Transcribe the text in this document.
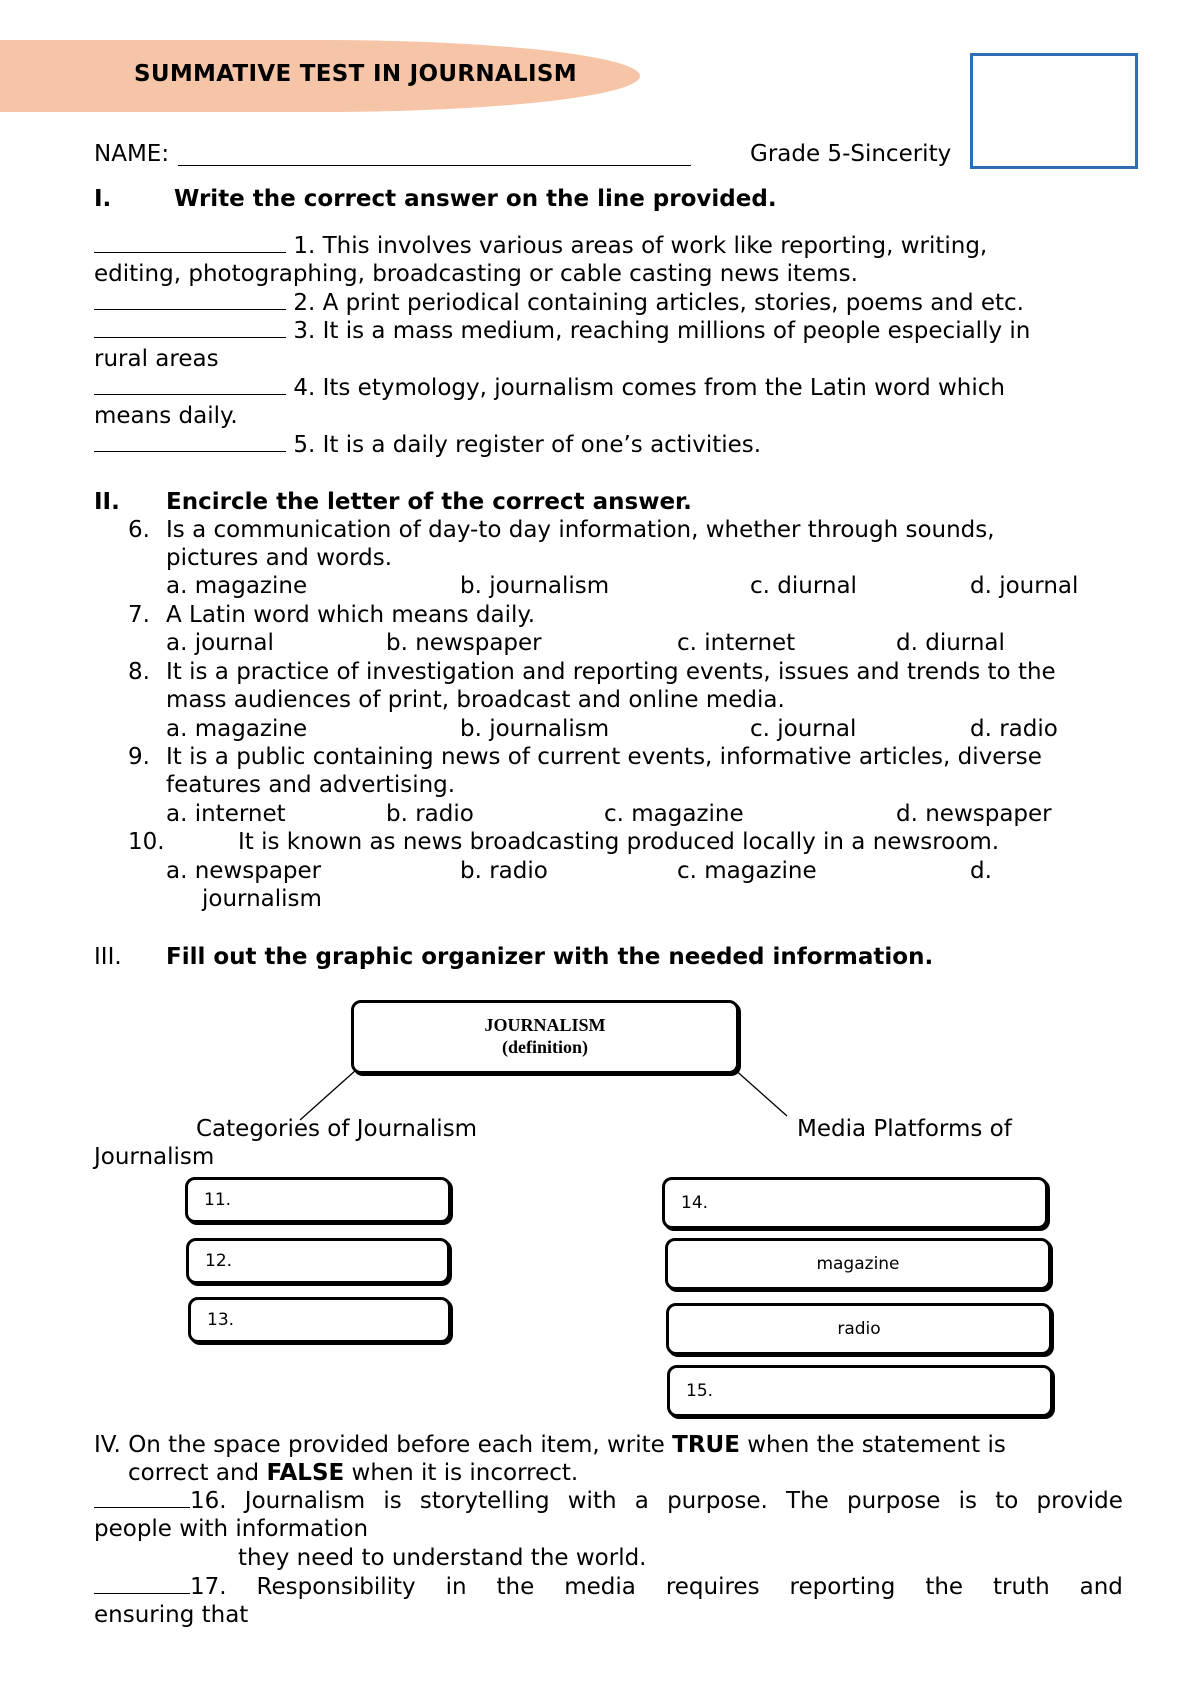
SUMMATIVE TEST IN JOURNALISM
NAME:	Grade 5-Sincerity
I.	Write the correct answer on the line provided.
1. This involves various areas of work like reporting, writing,
editing, photographing, broadcasting or cable casting news items.
2. A print periodical containing articles, stories, poems and etc.
3. It is a mass medium, reaching millions of people especially in
rural areas
4. Its etymology, journalism comes from the Latin word which
means daily.
5. It is a daily register of one’s activities.
II. Encircle the letter of the correct answer.
6. Is a communication of day-to day information, whether through sounds,
pictures and words.
a. magazine	b. journalism	c. diurnal	d. journal
7. A Latin word which means daily.
a. journal	b. newspaper	c. internet	d. diurnal
8. It is a practice of investigation and reporting events, issues and trends to the
mass audiences of print, broadcast and online media.
a. magazine	b. journalism	c. journal	d. radio
9. It is a public containing news of current events, informative articles, diverse
features and advertising.
a. internet	b. radio	c. magazine	d. newspaper
10.	It is known as news broadcasting produced locally in a newsroom.
a. newspaper	b. radio	c. magazine	d.
journalism
III. Fill out the graphic organizer with the needed information.
JOURNALISM
(definition)
Categories of Journalism	Media Platforms of
Journalism
11.
12.
13.
14.
magazine
radio
15.
IV. On the space provided before each item, write TRUE when the statement is
correct and FALSE when it is incorrect.
16. Journalism is storytelling with a purpose. The purpose is to provide
people with information
they need to understand the world.
17. Responsibility in the media requires reporting the truth and
ensuring that
